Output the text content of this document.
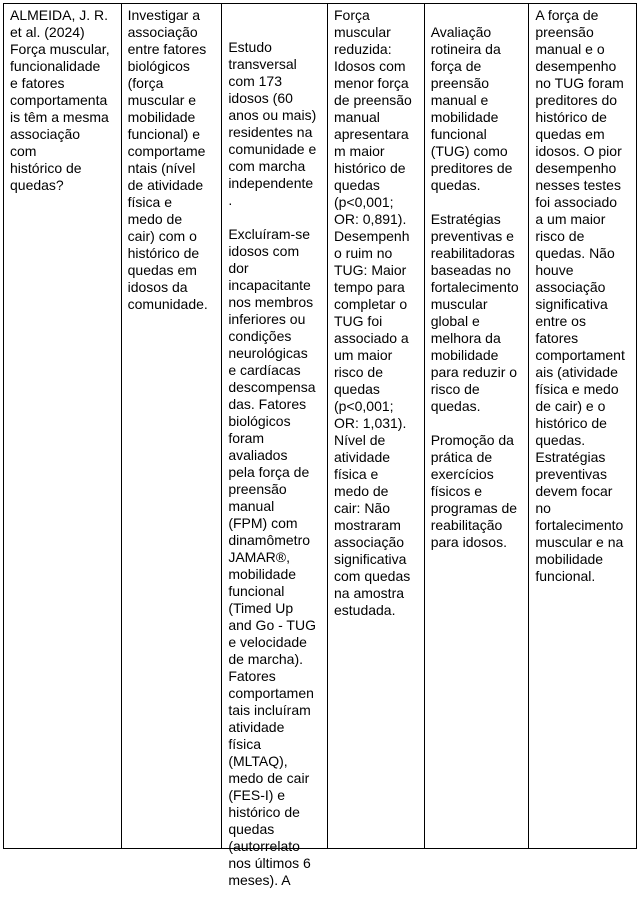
ALMEIDA, J. R.
et al. (2024)
Força muscular,
funcionalidade
e fatores
comportamenta
is têm a mesma
associação
com
histórico de
quedas?
Investigar a
associação
entre fatores
biológicos
(força
muscular e
mobilidade
funcional) e
comportame
ntais (nível
de atividade
física e
medo de
cair) com o
histórico de
quedas em
idosos da
comunidade.

Estudo
transversal
com 173
idosos (60
anos ou mais)
residentes na
comunidade e
com marcha
independente
.

Excluíram-se
idosos com
dor
incapacitante
nos membros
inferiores ou
condições
neurológicas
e cardíacas
descompensa
das. Fatores
biológicos
foram
avaliados
pela força de
preensão
manual
(FPM) com
dinamômetro
JAMAR®,
mobilidade
funcional
(Timed Up
and Go - TUG
e velocidade
de marcha).
Fatores
comportamen
tais incluíram
atividade
física
(MLTAQ),
medo de cair
(FES-I) e
histórico de
quedas
(autorrelato
nos últimos 6
meses). A

Força
muscular
reduzida:
Idosos com
menor força
de preensão
manual
apresentara
m maior
histórico de
quedas
(p<0,001;
OR: 0,891).
Desempenh
o ruim no
TUG: Maior
tempo para
completar o
TUG foi
associado a
um maior
risco de
quedas
(p<0,001;
OR: 1,031).
Nível de
atividade
física e
medo de
cair: Não
mostraram
associação
significativa
com quedas
na amostra
estudada.

Avaliação
rotineira da
força de
preensão
manual e
mobilidade
funcional
(TUG) como
preditores de
quedas.

Estratégias
preventivas e
reabilitadoras
baseadas no
fortalecimento
muscular
global e
melhora da
mobilidade
para reduzir o
risco de
quedas.

Promoção da
prática de
exercícios
físicos e
programas de
reabilitação
para idosos.

A força de
preensão
manual e o
desempenho
no TUG foram
preditores do
histórico de
quedas em
idosos. O pior
desempenho
nesses testes
foi associado
a um maior
risco de
quedas. Não
houve
associação
significativa
entre os
fatores
comportament
ais (atividade
física e medo
de cair) e o
histórico de
quedas.
Estratégias
preventivas
devem focar
no
fortalecimento
muscular e na
mobilidade
funcional.
